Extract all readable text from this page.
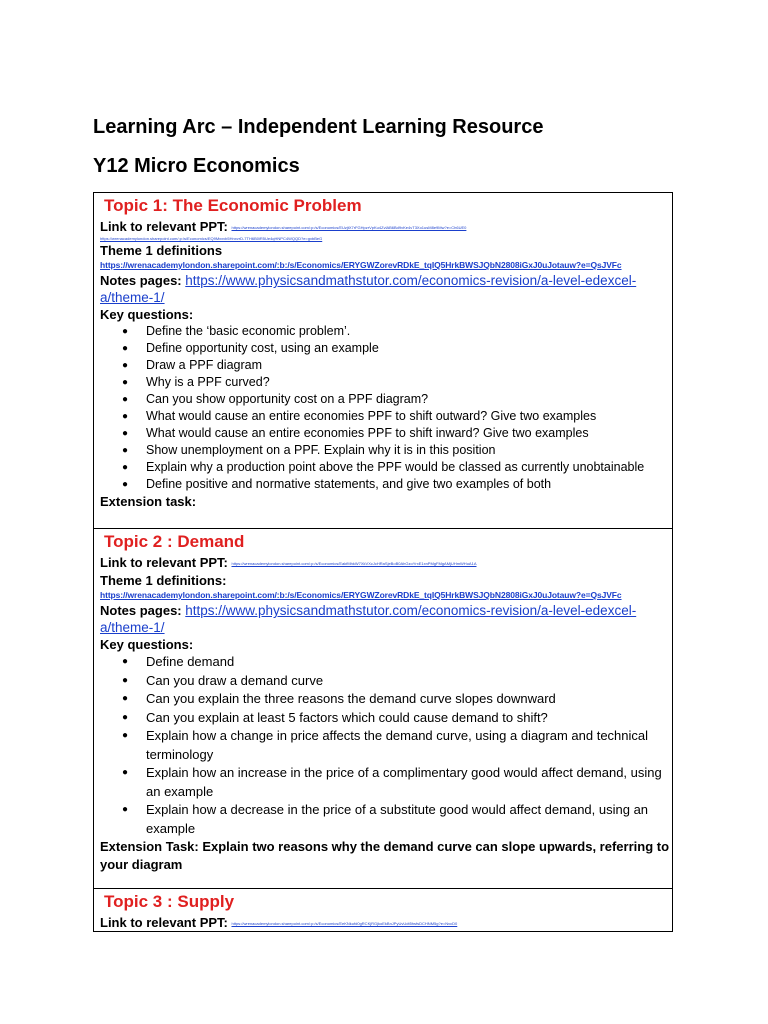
Learning Arc – Independent Learning Resource
Y12 Micro Economics
Topic 1: The Economic Problem
Link to relevant PPT: https://wrenacademylondon.sharepoint.com/:p:/s/Economics/EUzjtX7rFGHpzrVpKu4ZvlAB6Bd9vKe4vT3Xo1usM8e9Mw?e=Ch6UE0
https://wrenacademylondon.sharepoint.com/:p:/s/Economics/EQ9Mxxvb5HnxvrD-7TH6B0iR5Ue4qHNPC4WQQD?e=gxbBeG
Theme 1 definitions
https://wrenacademylondon.sharepoint.com/:b:/s/Economics/ERYGWZorevRDkE_tqIQ5HrkBWSJQbN2808iGxJ0uJotauw?e=QsJVFc
Notes pages: https://www.physicsandmathstutor.com/economics-revision/a-level-edexcel-a/theme-1/
Key questions:
● Define the ‘basic economic problem’.
● Define opportunity cost, using an example
● Draw a PPF diagram
● Why is a PPF curved?
● Can you show opportunity cost on a PPF diagram?
● What would cause an entire economies PPF to shift outward? Give two examples
● What would cause an entire economies PPF to shift inward? Give two examples
● Show unemployment on a PPF. Explain why it is in this position
● Explain why a production point above the PPF would be classed as currently unobtainable
● Define positive and normative statements, and give two examples of both
Extension task:
Topic 2 : Demand
Link to relevant PPT: https://wrenacademylondon.sharepoint.com/:p:/s/Economics/EakfMhkW7XkVXcJcHRaSjeBoB0AhGzoYrxE1xnPMgFMgAMjUHmWHuA1A
Theme 1 definitions:
https://wrenacademylondon.sharepoint.com/:b:/s/Economics/ERYGWZorevRDkE_tqIQ5HrkBWSJQbN2808iGxJ0uJotauw?e=QsJVFc
Notes pages: https://www.physicsandmathstutor.com/economics-revision/a-level-edexcel-a/theme-1/
Key questions:
● Define demand
● Can you draw a demand curve
● Can you explain the three reasons the demand curve slopes downward
● Can you explain at least 5 factors which could cause demand to shift?
● Explain how a change in price affects the demand curve, using a diagram and technical terminology
● Explain how an increase in the price of a complimentary good would affect demand, using an example
● Explain how a decrease in the price of a substitute good would affect demand, using an example
Extension Task: Explain two reasons why the demand curve can slope upwards, referring to your diagram
Topic 3 : Supply
Link to relevant PPT: https://wrenacademylondon.sharepoint.com/:p:/s/Economics/EeKNkufd0gRCKjRGjkoEkBnJPyUvUdt5hsfsDCHNM5g?e=NvcD0
